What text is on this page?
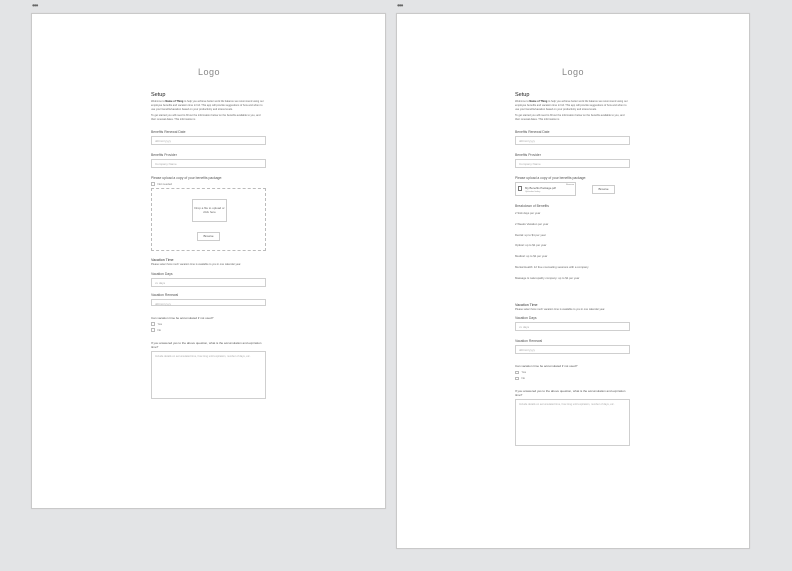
•••
Logo

Setup

Welcome to Name of Thing to help you achieve better work life balance we recommend using our employee benefits and vacation time in full. This app will provide suggestions of how and when to use your benefits/vacation based on your productivity and stress levels.

To get started you will need to fill out the information below on the benefits available to you, and their renewal dates. This information is

Benefits Renewal Date

dd/mm/yyyy

Benefits Provider

Company Name

Please upload a copy of your benefits package:

Not needed
Drop a file to upload or click here
Browse

Vacation Time

Please select how much vacation time is available to you in one calendar year.

Vacation Days

xx days

Vacation Renewal

dd/mm/yyyy

Can vacation time be accumulated if not used?

Yes
No

If you answered yes to the above question, what is the accumulation and expiration time?

Include details on accumulated time, how long until expiration, number of days, etc.
•••
Logo

Setup

Welcome to Name of Thing to help you achieve better work life balance we recommend using our employee benefits and vacation time in full. This app will provide suggestions of how and when to use your benefits/vacation based on your productivity and stress levels.

To get started you will need to fill out the information below on the benefits available to you, and their renewal dates. This information is

Benefits Renewal Date

dd/mm/yyyy

Benefits Provider

Company Name

Please upload a copy of your benefits package:

My Benefits Package.pdf
Uploaded today
Remove
Browse

Breakdown of Benefits

2 Sick days per year

2 Weeks Vacation per year

Dental: up to $1 per year

Optical: up to $1 per year

Medical: up to $1 per year

Mental Health: 12 free counseling sessions with a company

Massage & naturopathy company: up to $1 per year

Vacation Time

Please select how much vacation time is available to you in one calendar year.

Vacation Days

xx days

Vacation Renewal

dd/mm/yyyy

Can vacation time be accumulated if not used?

Yes
No

If you answered yes to the above question, what is the accumulation and expiration time?

Include details on accumulated time, how long until expiration, number of days, etc.
